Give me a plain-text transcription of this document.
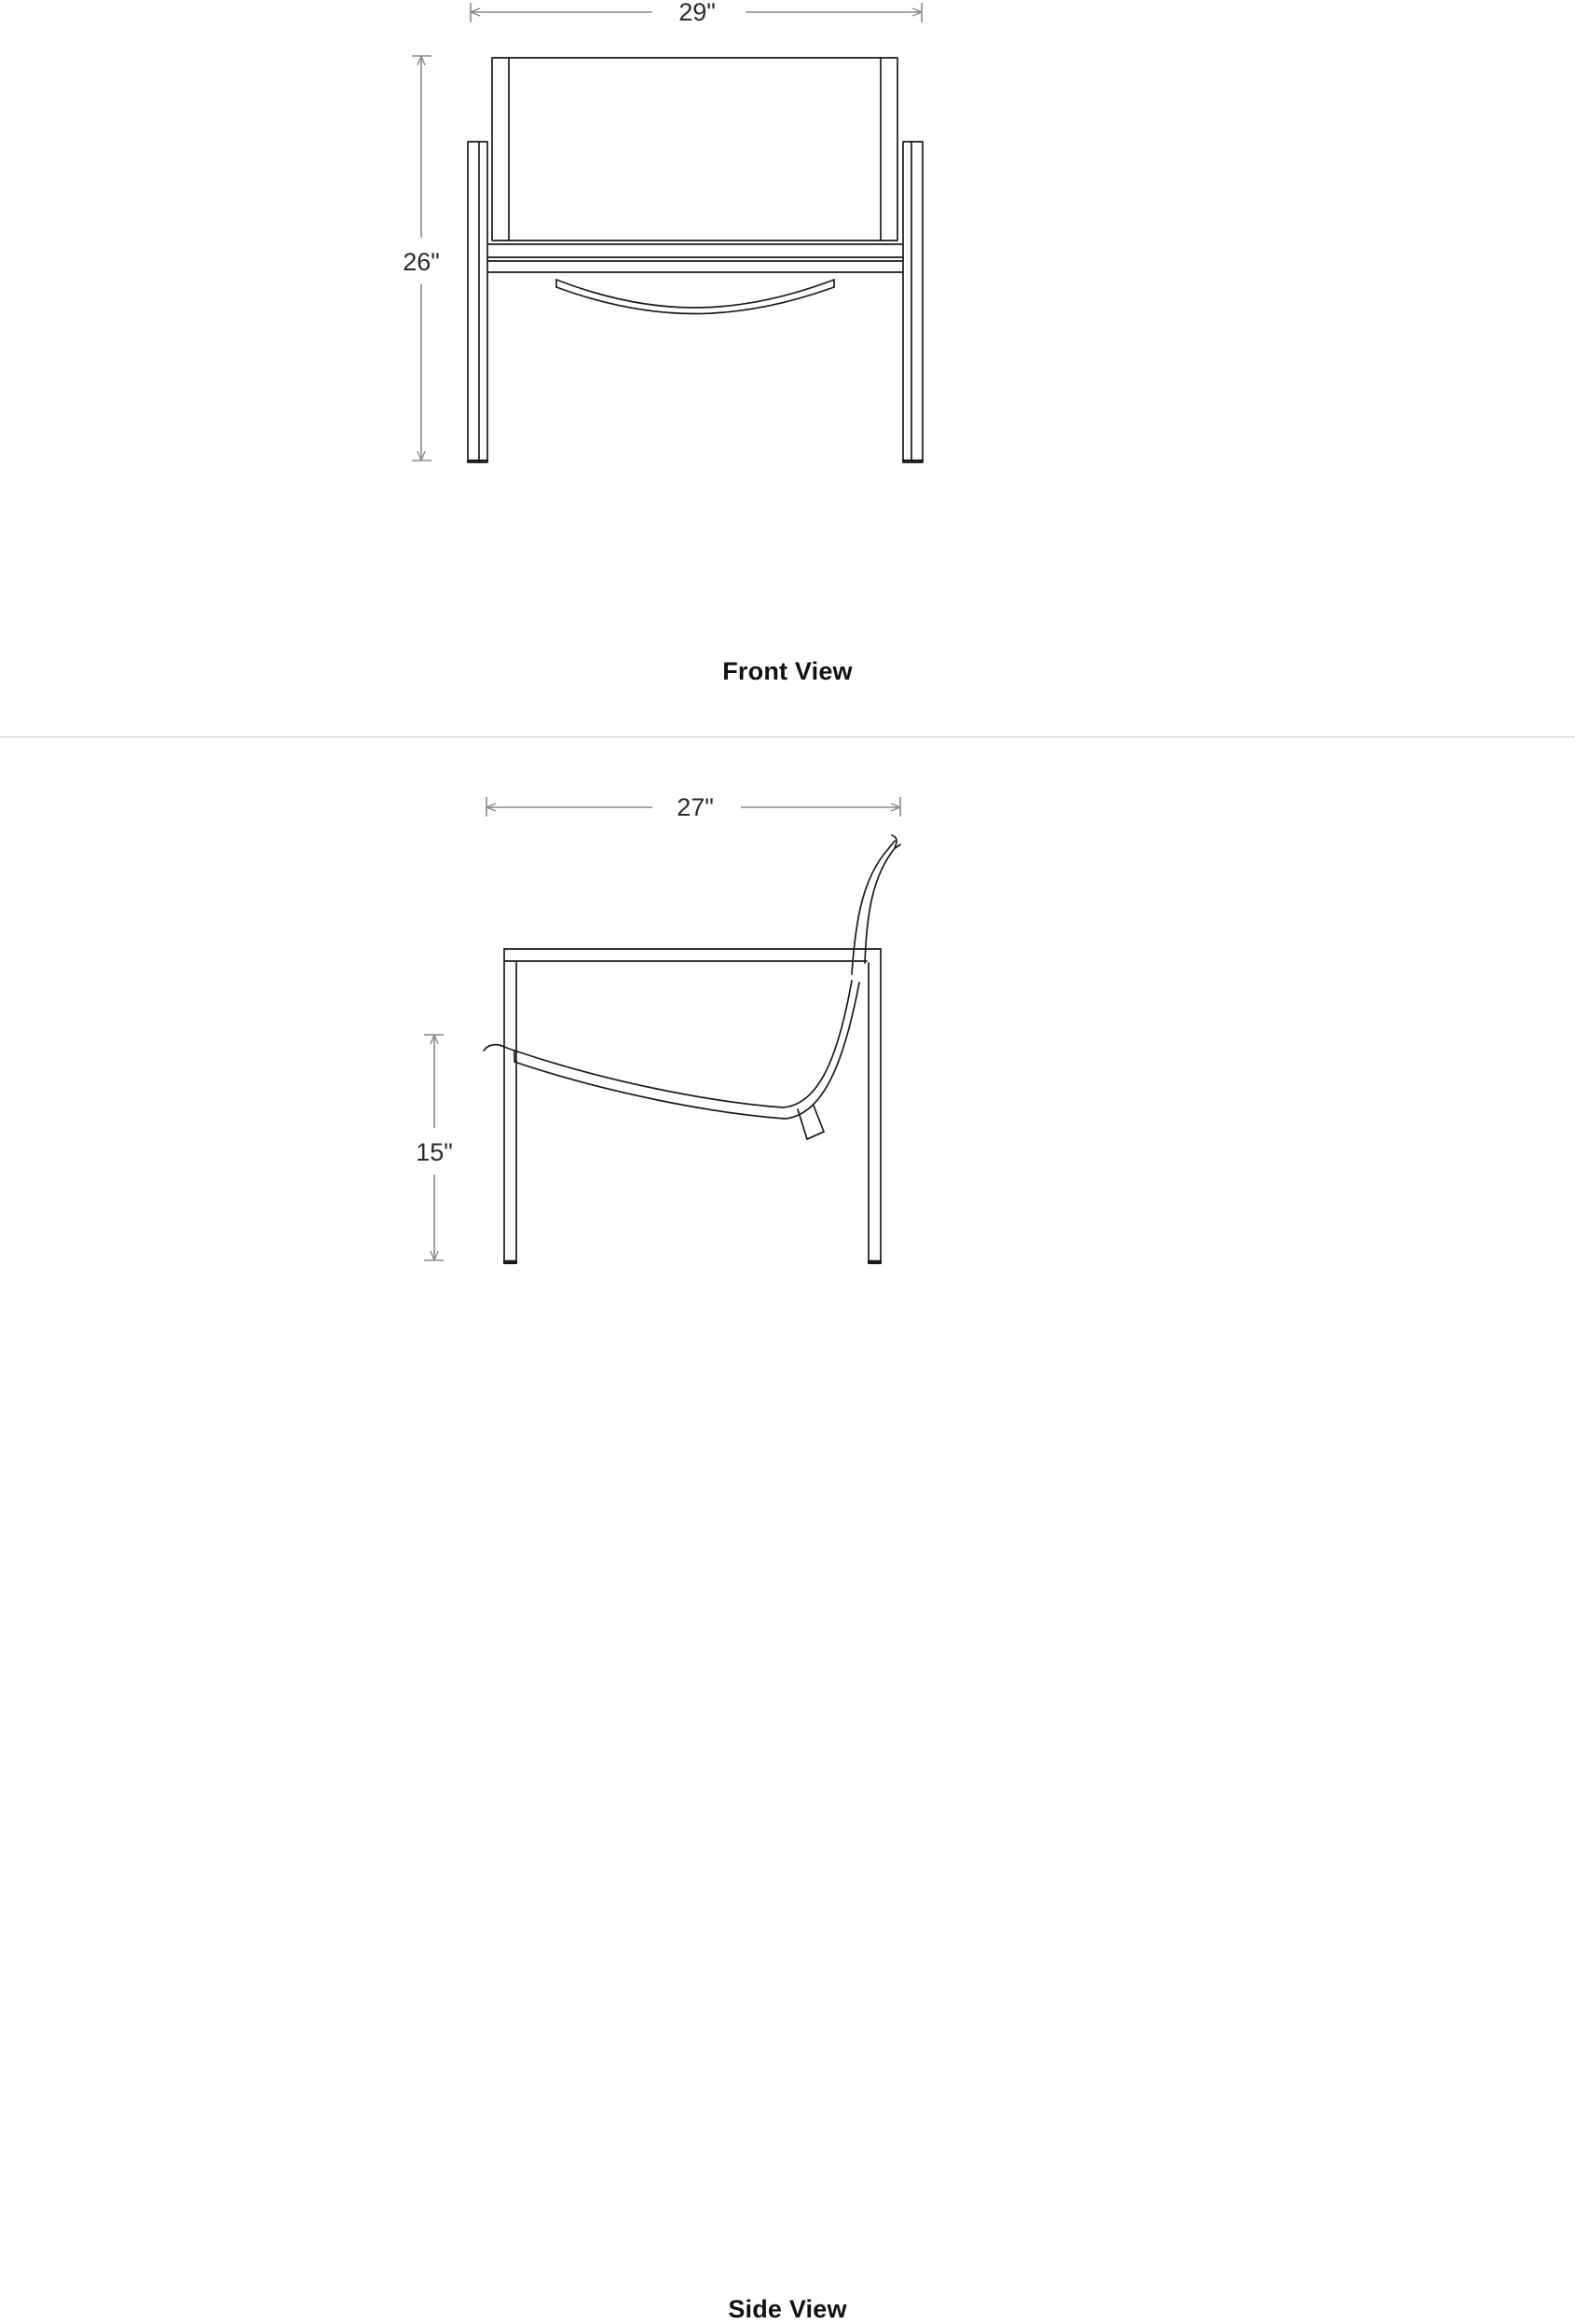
29"
26"
Front View
27"
15"
Side View
